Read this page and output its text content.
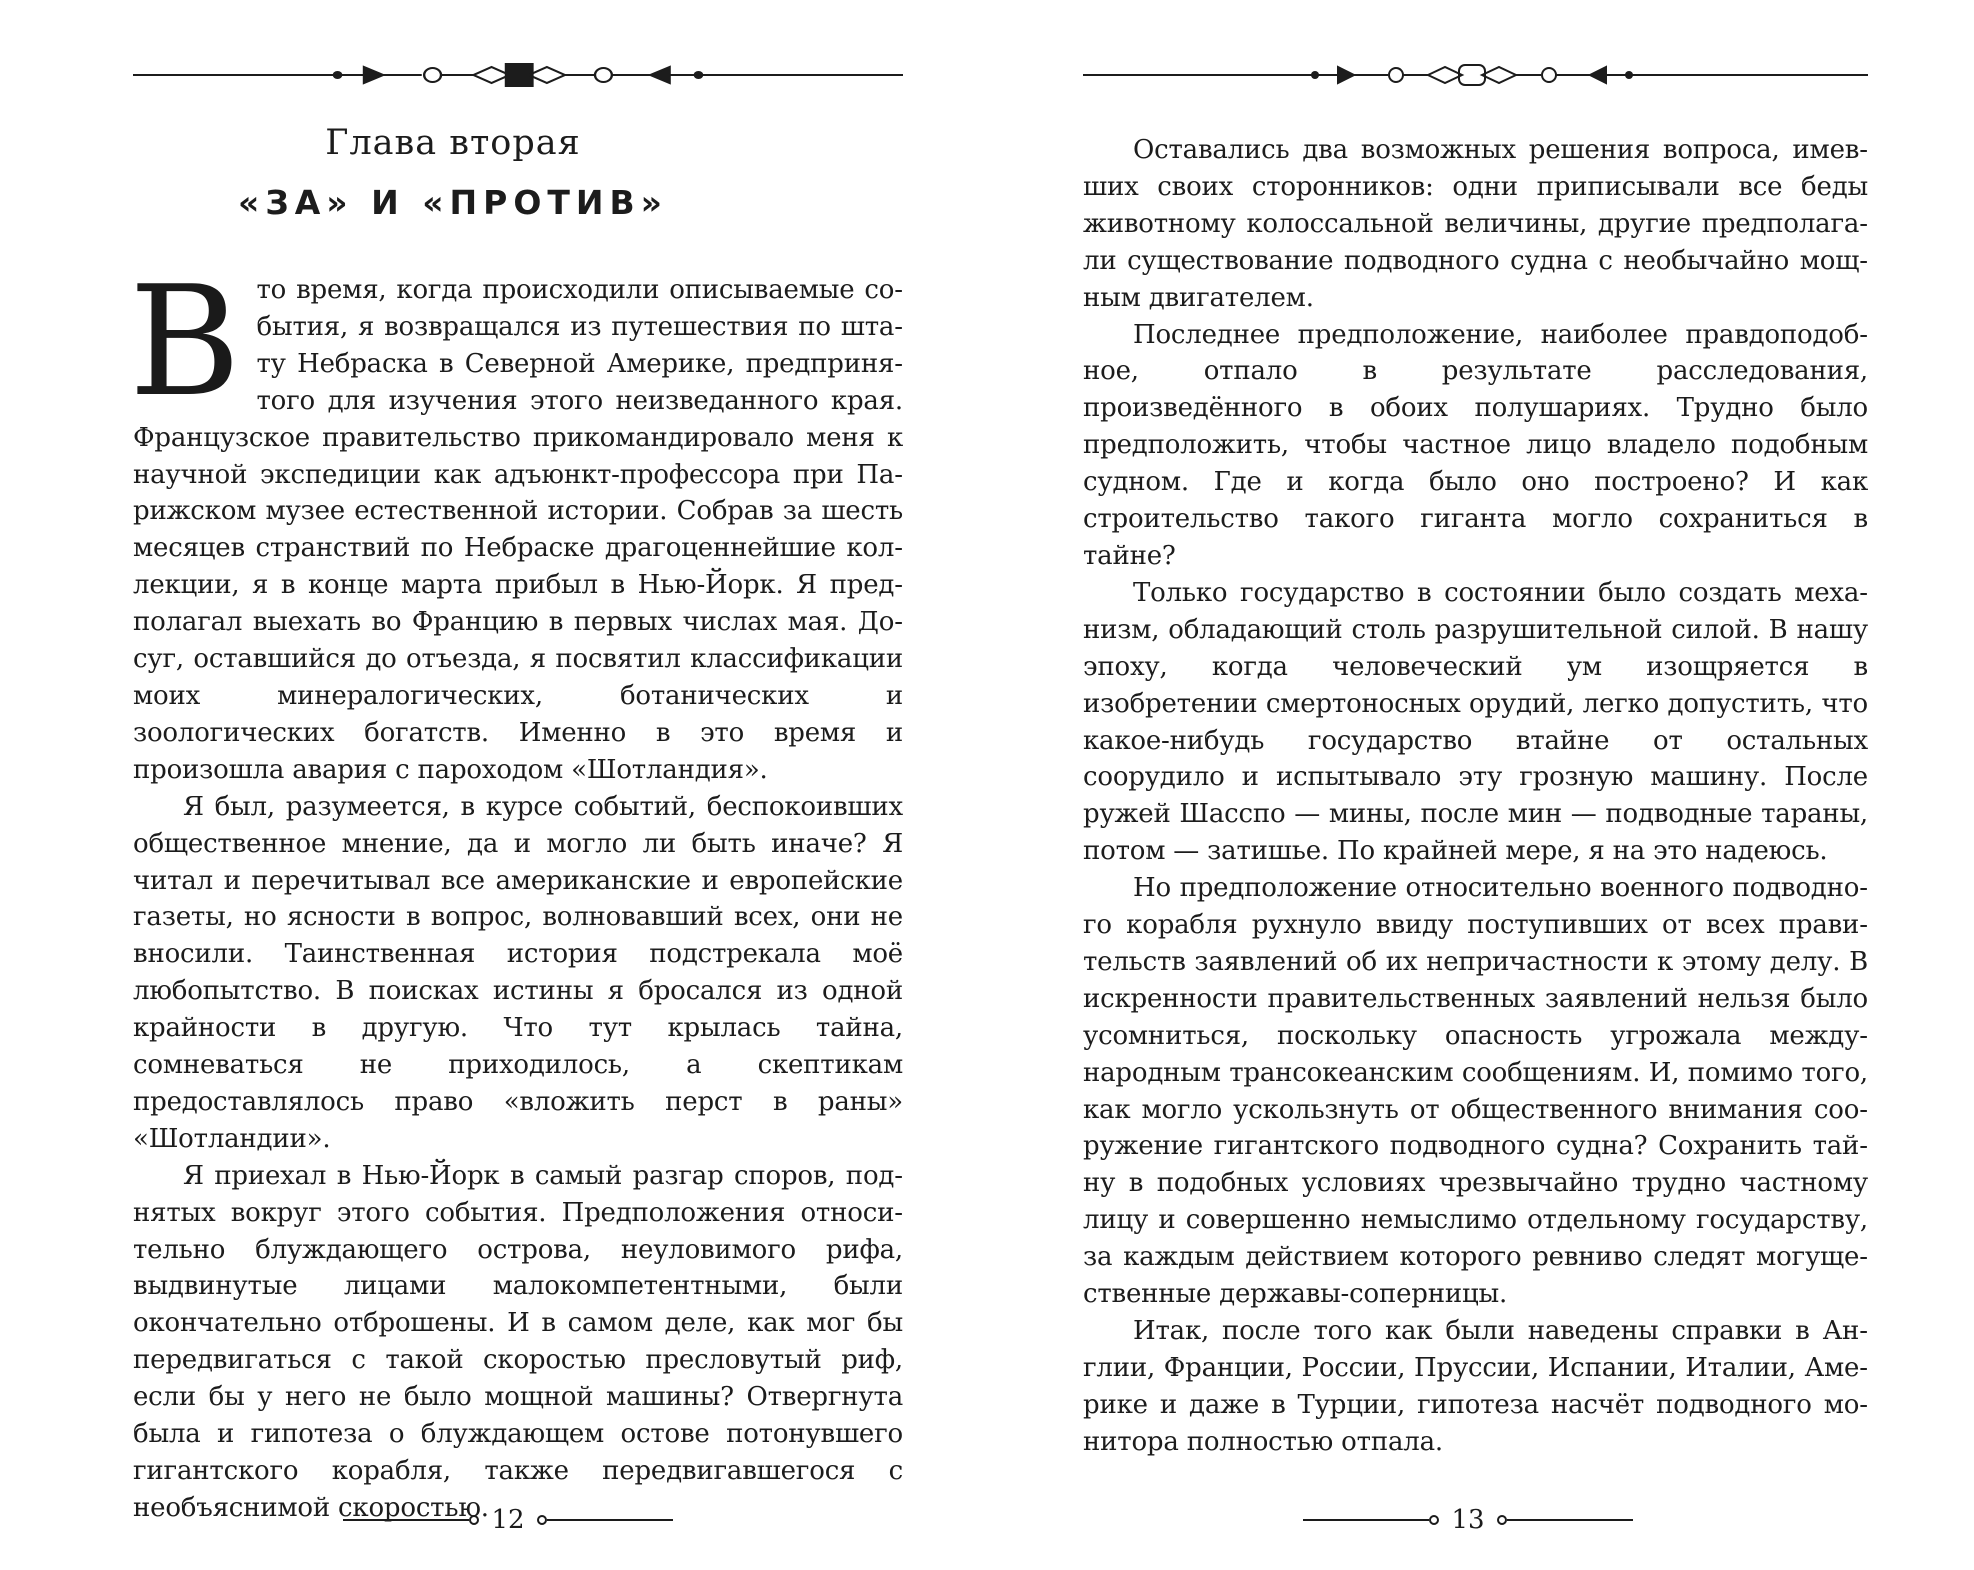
Глава вторая
«ЗА» И «ПРОТИВ»

Вто время, когда происходили описываемые события, я возвращался из путешествия по штату Небраска в Северной Америке, предпринятого для изучения этого неизведанного края. Французское правительство прикомандировало меня к научной экспедиции как адъюнкт-профессора при Парижском музее естественной истории. Собрав за шесть месяцев странствий по Небраске драгоценнейшие коллекции, я в конце марта прибыл в Нью-Йорк. Я предполагал выехать во Францию в первых числах мая. Досуг, оставшийся до отъезда, я посвятил классификации моих минералогических, ботанических и зоологических богатств. Именно в это время и произошла авария с пароходом «Шотландия».

Я был, разумеется, в курсе событий, беспокоивших общественное мнение, да и могло ли быть иначе? Я читал и перечитывал все американские и европейские газеты, но ясности в вопрос, волновавший всех, они не вносили. Таинственная история подстрекала моё любопытство. В поисках истины я бросался из одной крайности в другую. Что тут крылась тайна, сомневаться не приходилось, а скептикам предоставлялось право «вложить перст в раны» «Шотландии».

Я приехал в Нью-Йорк в самый разгар споров, поднятых вокруг этого события. Предположения относительно блуждающего острова, неуловимого рифа, выдвинутые лицами малокомпетентными, были окончательно отброшены. И в самом деле, как мог бы передвигаться с такой скоростью пресловутый риф, если бы у него не было мощной машины? Отвергнута была и гипотеза о блуждающем остове потонувшего гигантского корабля, также передвигавшегося с необъяснимой скоростью. 12

Оставались два возможных решения вопроса, имевших своих сторонников: одни приписывали все беды животному колоссальной величины, другие предполагали существование подводного судна с необычайно мощным двигателем.

Последнее предположение, наиболее правдоподобное, отпало в результате расследования, произведённого в обоих полушариях. Трудно было предположить, чтобы частное лицо владело подобным судном. Где и когда было оно построено? И как строительство такого гиганта могло сохраниться в тайне?

Только государство в состоянии было создать механизм, обладающий столь разрушительной силой. В нашу эпоху, когда человеческий ум изощряется в изобретении смертоносных орудий, легко допустить, что какое-нибудь государство втайне от остальных соорудило и испытывало эту грозную машину. После ружей Шасспо — мины, после мин — подводные тараны, потом — затишье. По крайней мере, я на это надеюсь.

Но предположение относительно военного подводного корабля рухнуло ввиду поступивших от всех правительств заявлений об их непричастности к этому делу. В искренности правительственных заявлений нельзя было усомниться, поскольку опасность угрожала международным трансокеанским сообщениям. И, помимо того, как могло ускользнуть от общественного внимания сооружение гигантского подводного судна? Сохранить тайну в подобных условиях чрезвычайно трудно частному лицу и совершенно немыслимо отдельному государству, за каждым действием которого ревниво следят могущественные державы-соперницы.

Итак, после того как были наведены справки в Англии, Франции, России, Пруссии, Испании, Италии, Америке и даже в Турции, гипотеза насчёт подводного монитора полностью отпала.

13
